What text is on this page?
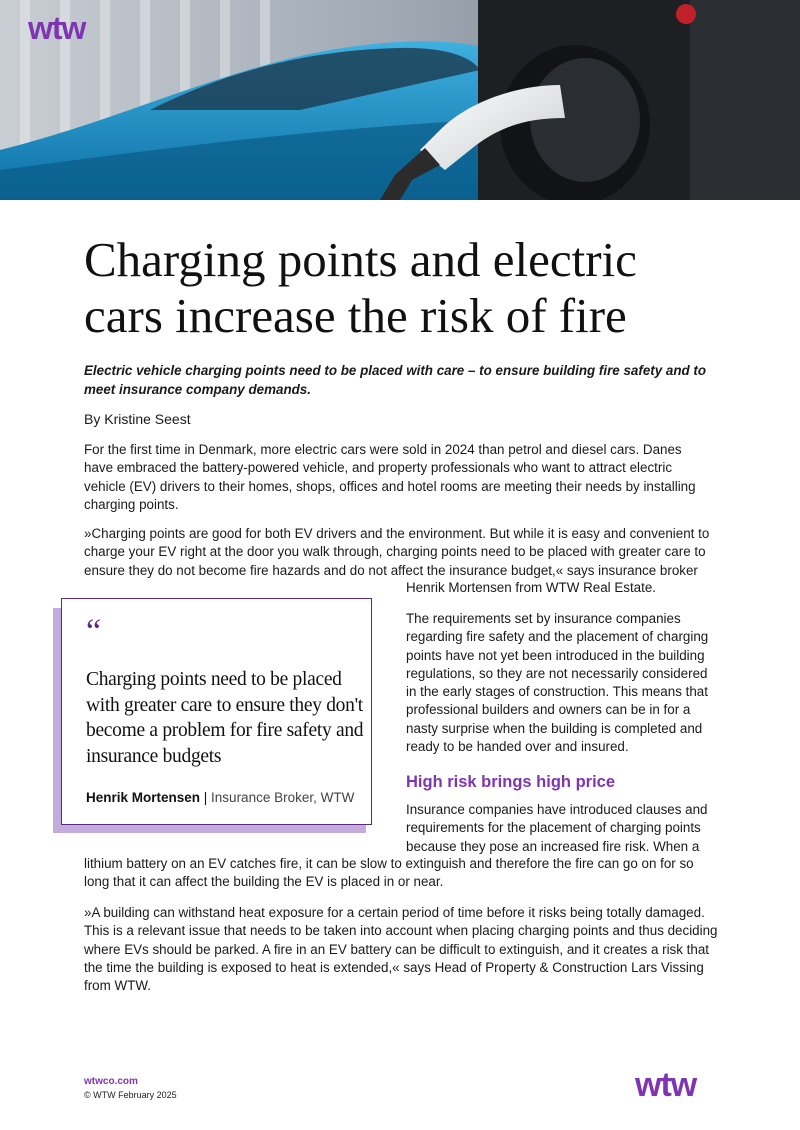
wtw
Charging points and electric cars increase the risk of fire

Electric vehicle charging points need to be placed with care – to ensure building fire safety and to meet insurance company demands.

By Kristine Seest

For the first time in Denmark, more electric cars were sold in 2024 than petrol and diesel cars. Danes have embraced the battery-powered vehicle, and property professionals who want to attract electric vehicle (EV) drivers to their homes, shops, offices and hotel rooms are meeting their needs by installing charging points.

»Charging points are good for both EV drivers and the environment. But while it is easy and convenient to charge your EV right at the door you walk through, charging points need to be placed with greater care to ensure they do not become fire hazards and do not affect the insurance budget,« says insurance broker

Henrik Mortensen from WTW Real Estate.

The requirements set by insurance companies regarding fire safety and the placement of charging points have not yet been introduced in the building regulations, so they are not necessarily considered in the early stages of construction. This means that professional builders and owners can be in for a nasty surprise when the building is completed and ready to be handed over and insured.

High risk brings high price

Insurance companies have introduced clauses and requirements for the placement of charging points because they pose an increased fire risk. When a

lithium battery on an EV catches fire, it can be slow to extinguish and therefore the fire can go on for so long that it can affect the building the EV is placed in or near.

»A building can withstand heat exposure for a certain period of time before it risks being totally damaged. This is a relevant issue that needs to be taken into account when placing charging points and thus deciding where EVs should be parked. A fire in an EV battery can be difficult to extinguish, and it creates a risk that the time the building is exposed to heat is extended,« says Head of Property & Construction Lars Vissing from WTW.

“

Charging points need to be placed with greater care to ensure they don't become a problem for fire safety and insurance budgets

Henrik Mortensen | Insurance Broker, WTW
wtwco.com
© WTW February 2025	wtw
